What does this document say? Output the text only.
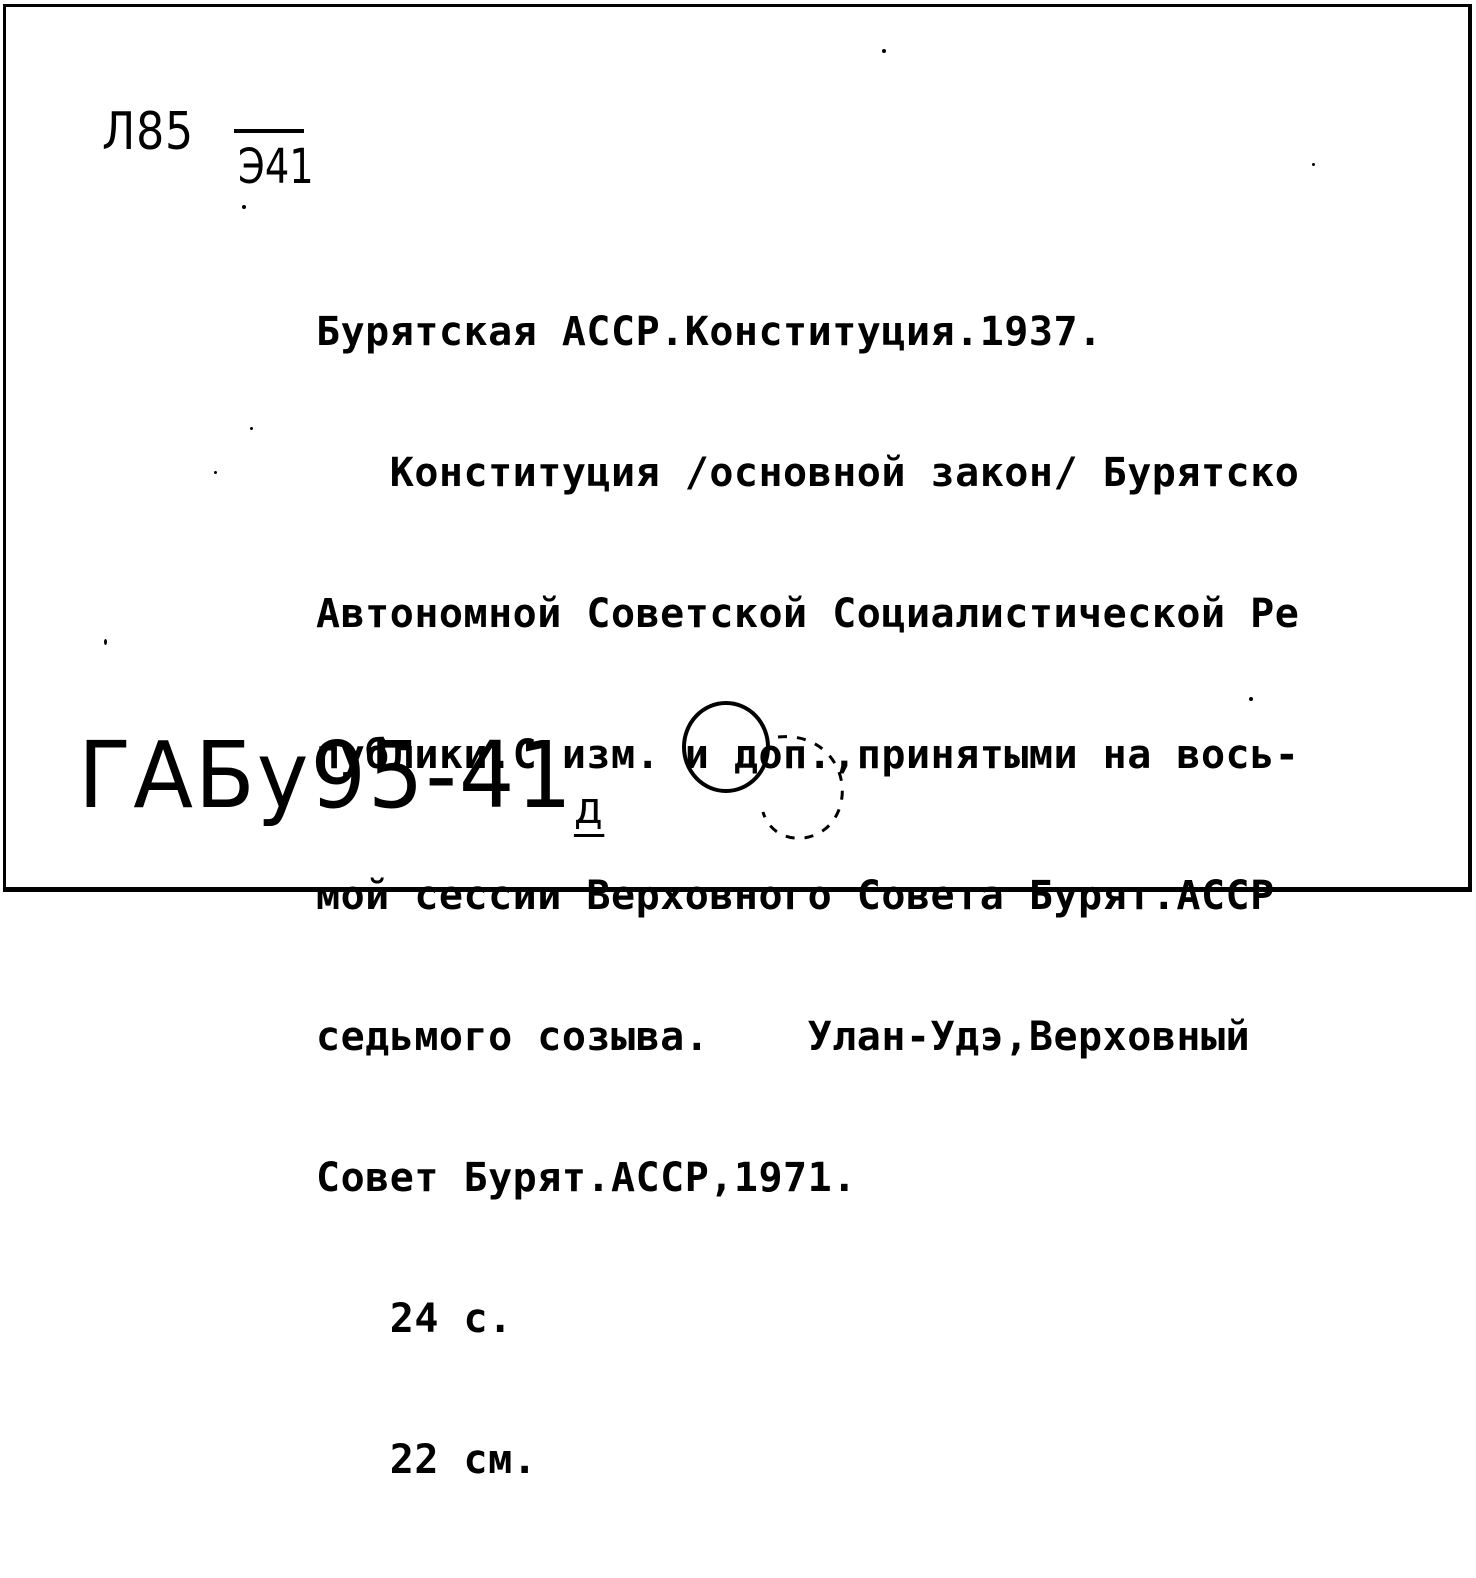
Л85
Э41

Бурятская АССР.Конституция.1937.

Конституция /основной закон/ Бурятско

Автономной Советской Социалистической Ре

публики.С изм. и доп.,принятыми на вось-

мой сессии Верховного Совета Бурят.АССР

седьмого созыва.    Улан-Удэ,Верховный

Совет Бурят.АССР,1971.

24 с.

22 см.

ГАБу95-41д
